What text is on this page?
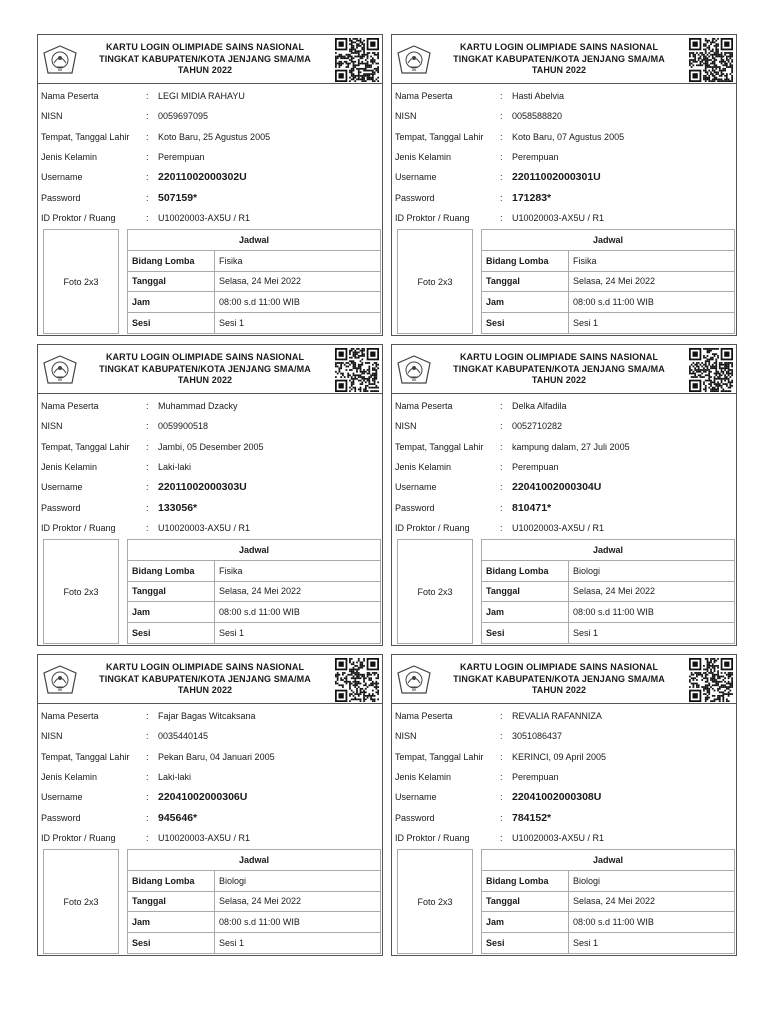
KARTU LOGIN OLIMPIADE SAINS NASIONAL
TINGKAT KABUPATEN/KOTA JENJANG SMA/MA
TAHUN 2022
Nama Peserta	:	LEGI MIDIA RAHAYU
NISN	:	0059697095
Tempat, Tanggal Lahir	:	Koto Baru, 25 Agustus 2005
Jenis Kelamin	:	Perempuan
Username	: 22011002000302U
Password	: 507159*
ID Proktor / Ruang	:	U10020003-AX5U / R1
Foto 2x3
Jadwal	
Bidang Lomba	Fisika
Tanggal	Selasa, 24 Mei 2022
Jam	08:00 s.d 11:00 WIB
Sesi	Sesi 1
KARTU LOGIN OLIMPIADE SAINS NASIONAL
TINGKAT KABUPATEN/KOTA JENJANG SMA/MA
TAHUN 2022
Nama Peserta	:	Hasti Abelvia
NISN	:	0058588820
Tempat, Tanggal Lahir	:	Koto Baru, 07 Agustus 2005
Jenis Kelamin	:	Perempuan
Username	: 22011002000301U
Password	: 171283*
ID Proktor / Ruang	:	U10020003-AX5U / R1
Foto 2x3
Jadwal	
Bidang Lomba	Fisika
Tanggal	Selasa, 24 Mei 2022
Jam	08:00 s.d 11:00 WIB
Sesi	Sesi 1
KARTU LOGIN OLIMPIADE SAINS NASIONAL
TINGKAT KABUPATEN/KOTA JENJANG SMA/MA
TAHUN 2022
Nama Peserta	:	Muhammad Dzacky
NISN	:	0059900518
Tempat, Tanggal Lahir	:	Jambi, 05 Desember 2005
Jenis Kelamin	:	Laki-laki
Username	: 22011002000303U
Password	: 133056*
ID Proktor / Ruang	:	U10020003-AX5U / R1
Foto 2x3
Jadwal	
Bidang Lomba	Fisika
Tanggal	Selasa, 24 Mei 2022
Jam	08:00 s.d 11:00 WIB
Sesi	Sesi 1
KARTU LOGIN OLIMPIADE SAINS NASIONAL
TINGKAT KABUPATEN/KOTA JENJANG SMA/MA
TAHUN 2022
Nama Peserta	:	Delka Alfadila
NISN	:	0052710282
Tempat, Tanggal Lahir	:	kampung dalam, 27 Juli 2005
Jenis Kelamin	:	Perempuan
Username	: 22041002000304U
Password	: 810471*
ID Proktor / Ruang	:	U10020003-AX5U / R1
Foto 2x3
Jadwal	
Bidang Lomba	Biologi
Tanggal	Selasa, 24 Mei 2022
Jam	08:00 s.d 11:00 WIB
Sesi	Sesi 1
KARTU LOGIN OLIMPIADE SAINS NASIONAL
TINGKAT KABUPATEN/KOTA JENJANG SMA/MA
TAHUN 2022
Nama Peserta	:	Fajar Bagas Witcaksana
NISN	:	0035440145
Tempat, Tanggal Lahir	:	Pekan Baru, 04 Januari 2005
Jenis Kelamin	:	Laki-laki
Username	: 22041002000306U
Password	: 945646*
ID Proktor / Ruang	:	U10020003-AX5U / R1
Foto 2x3
Jadwal	
Bidang Lomba	Biologi
Tanggal	Selasa, 24 Mei 2022
Jam	08:00 s.d 11:00 WIB
Sesi	Sesi 1
KARTU LOGIN OLIMPIADE SAINS NASIONAL
TINGKAT KABUPATEN/KOTA JENJANG SMA/MA
TAHUN 2022
Nama Peserta	:	REVALIA RAFANNIZA
NISN	:	3051086437
Tempat, Tanggal Lahir	:	KERINCI, 09 April 2005
Jenis Kelamin	:	Perempuan
Username	: 22041002000308U
Password	: 784152*
ID Proktor / Ruang	:	U10020003-AX5U / R1
Foto 2x3
Jadwal	
Bidang Lomba	Biologi
Tanggal	Selasa, 24 Mei 2022
Jam	08:00 s.d 11:00 WIB
Sesi	Sesi 1
